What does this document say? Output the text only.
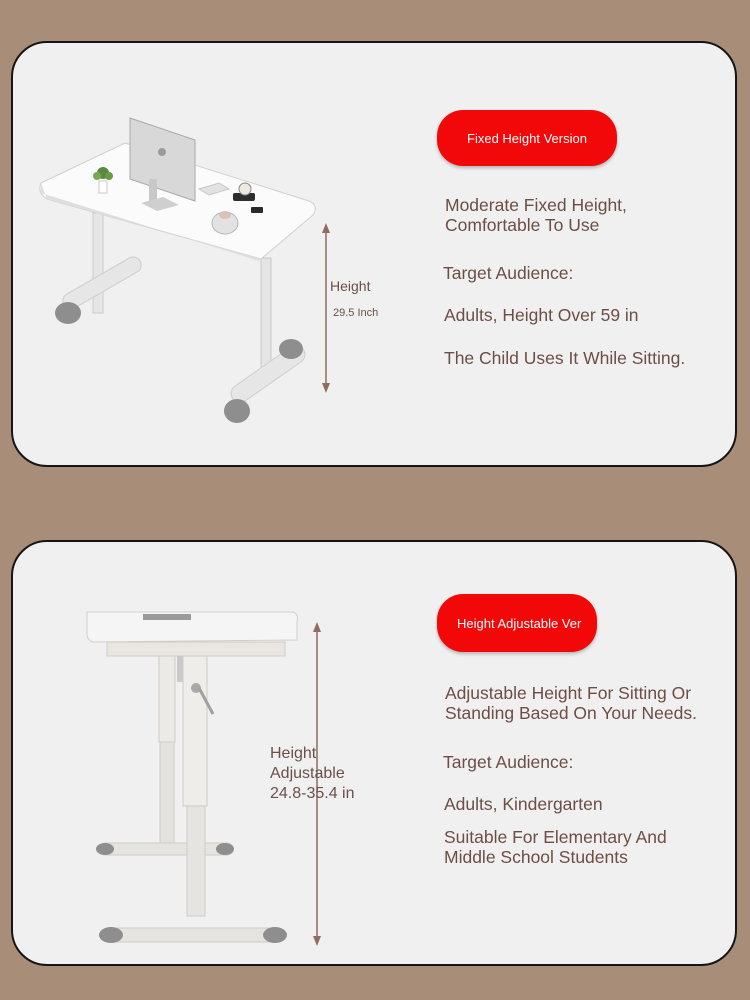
Height
29.5 Inch
Fixed Height Version
Moderate Fixed Height,
Comfortable To Use
Target Audience:
Adults, Height Over 59 in
The Child Uses It While Sitting.
Height
Adjustable
24.8-35.4 in
Height Adjustable Ver
Adjustable Height For Sitting Or
Standing Based On Your Needs.
Target Audience:
Adults, Kindergarten
Suitable For Elementary And
Middle School Students
